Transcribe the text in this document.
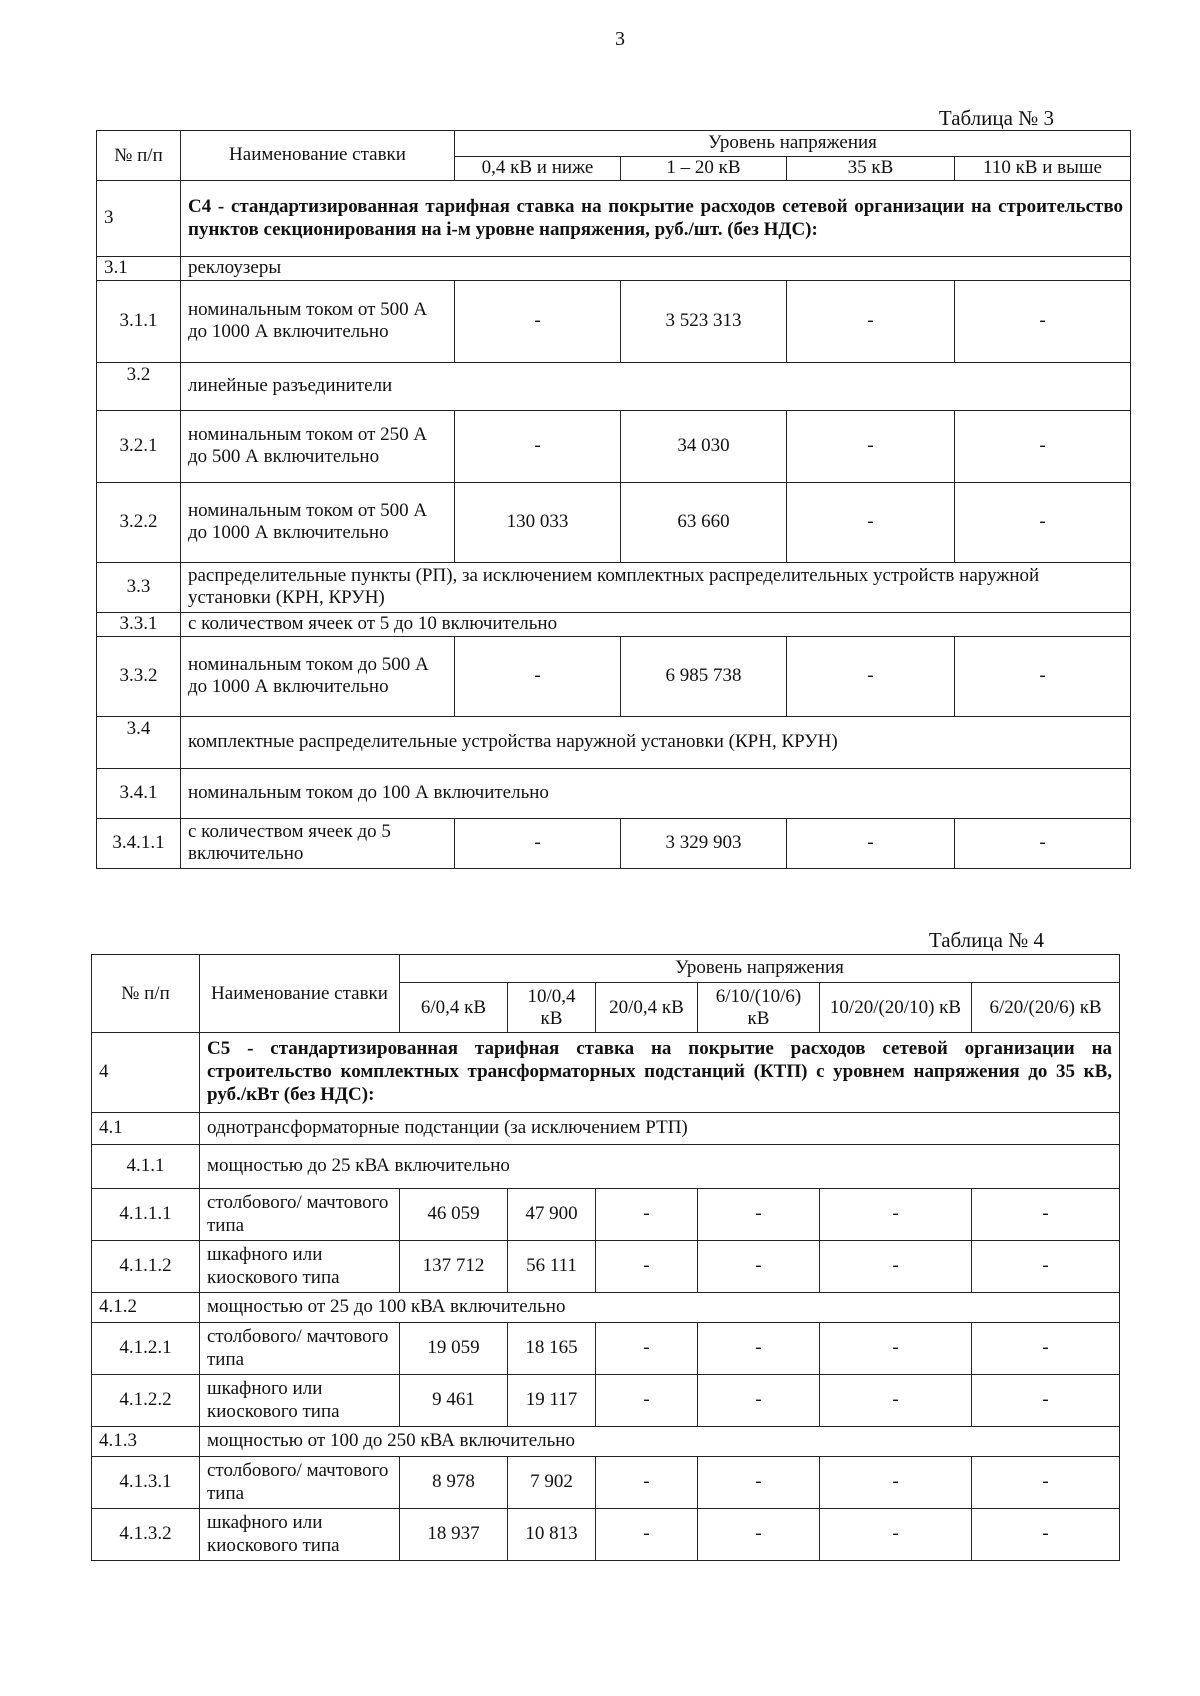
3
Таблица № 3
№ п/п	Наименование ставки	Уровень напряжения			
		0,4 кВ и ниже	1 – 20 кВ	35 кВ	110 кВ и выше
3	С4 - стандартизированная тарифная ставка на покрытие расходов сетевой организации на строительство пунктов секционирования на i-м уровне напряжения, руб./шт. (без НДС):				
3.1	реклоузеры				
3.1.1	номинальным током от 500 А до 1000 А включительно	-	3 523 313	-	-
3.2	линейные разъединители				
3.2.1	номинальным током от 250 А до 500 А включительно	-	34 030	-	-
3.2.2	номинальным током от 500 А до 1000 А включительно	130 033	63 660	-	-
3.3	распределительные пункты (РП), за исключением комплектных распределительных устройств наружной установки (КРН, КРУН)				
3.3.1	с количеством ячеек от 5 до 10 включительно				
3.3.2	номинальным током до 500 А до 1000 А включительно	-	6 985 738	-	-
3.4	комплектные распределительные устройства наружной установки (КРН, КРУН)				
3.4.1	номинальным током до 100 А включительно				
3.4.1.1	с количеством ячеек до 5 включительно	-	3 329 903	-	-
Таблица № 4
№ п/п	Наименование ставки	Уровень напряжения					
		6/0,4 кВ	10/0,4 кВ	20/0,4 кВ	6/10/(10/6) кВ	10/20/(20/10) кВ	6/20/(20/6) кВ
4	С5 - стандартизированная тарифная ставка на покрытие расходов сетевой организации на строительство комплектных трансформаторных подстанций (КТП) с уровнем напряжения до 35 кВ, руб./кВт (без НДС):						
4.1	однотрансформаторные подстанции (за исключением РТП)						
4.1.1	мощностью до 25 кВА включительно						
4.1.1.1	столбового/ мачтового типа	46 059	47 900	-	-	-	-
4.1.1.2	шкафного или киоскового типа	137 712	56 111	-	-	-	-
4.1.2	мощностью от 25 до 100 кВА включительно						
4.1.2.1	столбового/ мачтового типа	19 059	18 165	-	-	-	-
4.1.2.2	шкафного или киоскового типа	9 461	19 117	-	-	-	-
4.1.3	мощностью от 100 до 250 кВА включительно						
4.1.3.1	столбового/ мачтового типа	8 978	7 902	-	-	-	-
4.1.3.2	шкафного или киоскового типа	18 937	10 813	-	-	-	-
